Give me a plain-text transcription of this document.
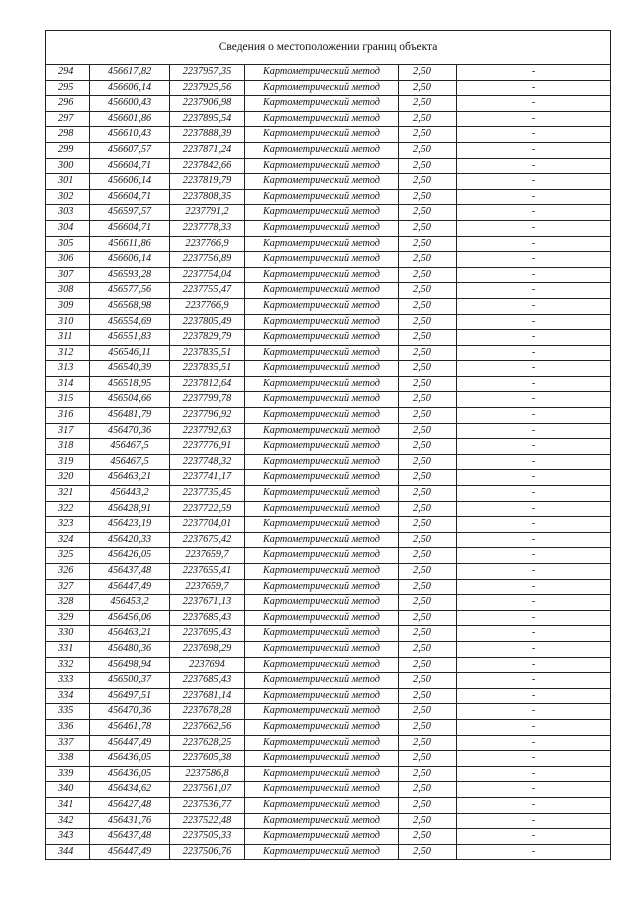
Сведения о местоположении границ объекта					
294	456617,82	2237957,35	Картометрический метод	2,50	-
295	456606,14	2237925,56	Картометрический метод	2,50	-
296	456600,43	2237906,98	Картометрический метод	2,50	-
297	456601,86	2237895,54	Картометрический метод	2,50	-
298	456610,43	2237888,39	Картометрический метод	2,50	-
299	456607,57	2237871,24	Картометрический метод	2,50	-
300	456604,71	2237842,66	Картометрический метод	2,50	-
301	456606,14	2237819,79	Картометрический метод	2,50	-
302	456604,71	2237808,35	Картометрический метод	2,50	-
303	456597,57	2237791,2	Картометрический метод	2,50	-
304	456604,71	2237778,33	Картометрический метод	2,50	-
305	456611,86	2237766,9	Картометрический метод	2,50	-
306	456606,14	2237756,89	Картометрический метод	2,50	-
307	456593,28	2237754,04	Картометрический метод	2,50	-
308	456577,56	2237755,47	Картометрический метод	2,50	-
309	456568,98	2237766,9	Картометрический метод	2,50	-
310	456554,69	2237805,49	Картометрический метод	2,50	-
311	456551,83	2237829,79	Картометрический метод	2,50	-
312	456546,11	2237835,51	Картометрический метод	2,50	-
313	456540,39	2237835,51	Картометрический метод	2,50	-
314	456518,95	2237812,64	Картометрический метод	2,50	-
315	456504,66	2237799,78	Картометрический метод	2,50	-
316	456481,79	2237796,92	Картометрический метод	2,50	-
317	456470,36	2237792,63	Картометрический метод	2,50	-
318	456467,5	2237776,91	Картометрический метод	2,50	-
319	456467,5	2237748,32	Картометрический метод	2,50	-
320	456463,21	2237741,17	Картометрический метод	2,50	-
321	456443,2	2237735,45	Картометрический метод	2,50	-
322	456428,91	2237722,59	Картометрический метод	2,50	-
323	456423,19	2237704,01	Картометрический метод	2,50	-
324	456420,33	2237675,42	Картометрический метод	2,50	-
325	456426,05	2237659,7	Картометрический метод	2,50	-
326	456437,48	2237655,41	Картометрический метод	2,50	-
327	456447,49	2237659,7	Картометрический метод	2,50	-
328	456453,2	2237671,13	Картометрический метод	2,50	-
329	456456,06	2237685,43	Картометрический метод	2,50	-
330	456463,21	2237695,43	Картометрический метод	2,50	-
331	456480,36	2237698,29	Картометрический метод	2,50	-
332	456498,94	2237694	Картометрический метод	2,50	-
333	456500,37	2237685,43	Картометрический метод	2,50	-
334	456497,51	2237681,14	Картометрический метод	2,50	-
335	456470,36	2237678,28	Картометрический метод	2,50	-
336	456461,78	2237662,56	Картометрический метод	2,50	-
337	456447,49	2237628,25	Картометрический метод	2,50	-
338	456436,05	2237605,38	Картометрический метод	2,50	-
339	456436,05	2237586,8	Картометрический метод	2,50	-
340	456434,62	2237561,07	Картометрический метод	2,50	-
341	456427,48	2237536,77	Картометрический метод	2,50	-
342	456431,76	2237522,48	Картометрический метод	2,50	-
343	456437,48	2237505,33	Картометрический метод	2,50	-
344	456447,49	2237506,76	Картометрический метод	2,50	-
